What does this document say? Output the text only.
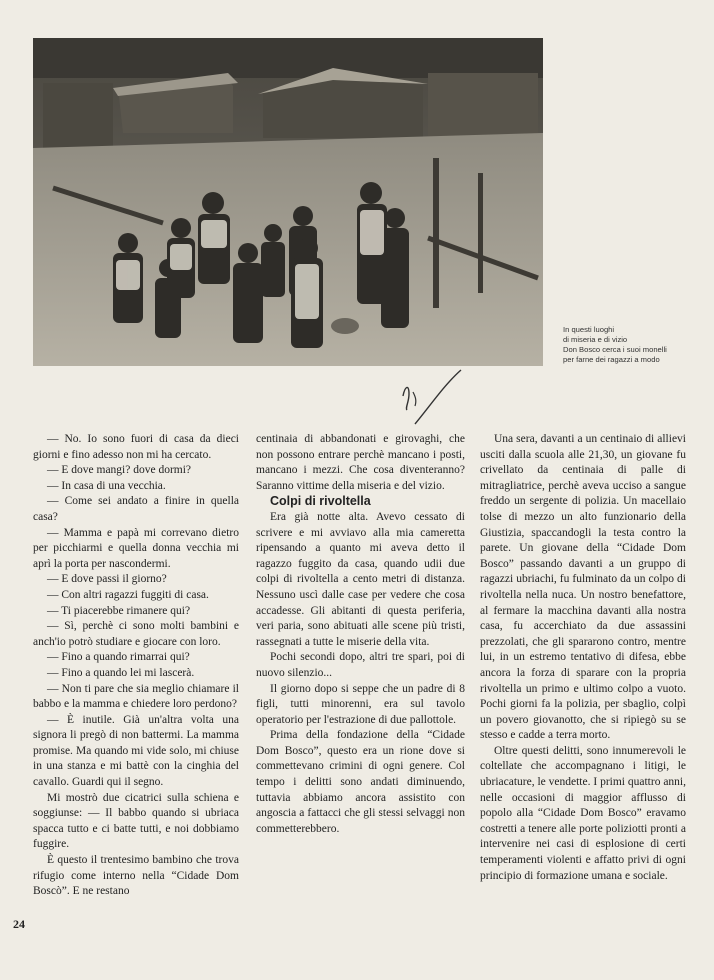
In questi luoghi
di miseria e di vizio
Don Bosco cerca i suoi monelli
per farne dei ragazzi a modo

— No. Io sono fuori di casa da dieci giorni e fino adesso non mi ha cercato.

— E dove mangi? dove dormi?

— In casa di una vecchia.

— Come sei andato a finire in quella casa?

— Mamma e papà mi correvano dietro per picchiarmi e quella donna vecchia mi aprì la porta per nascondermi.

— E dove passi il giorno?

— Con altri ragazzi fuggiti di casa.

— Ti piacerebbe rimanere qui?

— Sì, perchè ci sono molti bambini e anch'io potrò studiare e giocare con loro.

— Fino a quando rimarrai qui?

— Fino a quando lei mi lascerà.

— Non ti pare che sia meglio chiamare il babbo e la mamma e chiedere loro perdono?

— È inutile. Già un'altra volta una signora li pregò di non battermi. La mamma promise. Ma quando mi vide solo, mi chiuse in una stanza e mi battè con la cinghia del cavallo. Guardi qui il segno.

Mi mostrò due cicatrici sulla schiena e soggiunse: — Il babbo quando si ubriaca spacca tutto e ci batte tutti, e noi dobbiamo fuggire.

È questo il trentesimo bambino che trova rifugio come interno nella “Cidade Dom Boscò”. E ne restano

centinaia di abbandonati e girovaghi, che non possono entrare perchè mancano i posti, mancano i mezzi. Che cosa diventeranno? Saranno vittime della miseria e del vizio.

Colpi di rivoltella

Era già notte alta. Avevo cessato di scrivere e mi avviavo alla mia cameretta ripensando a quanto mi aveva detto il ragazzo fuggito da casa, quando udii due colpi di rivoltella a cento metri di distanza. Nessuno uscì dalle case per vedere che cosa accadesse. Gli abitanti di questa periferia, veri paria, sono abituati alle scene più tristi, rassegnati a tutte le miserie della vita.

Pochi secondi dopo, altri tre spari, poi di nuovo silenzio...

Il giorno dopo si seppe che un padre di 8 figli, tutti minorenni, era sul tavolo operatorio per l'estrazione di due pallottole.

Prima della fondazione della “Cidade Dom Bosco”, questo era un rione dove si commettevano crimini di ogni genere. Col tempo i delitti sono andati diminuendo, tuttavia abbiamo ancora assistito con angoscia a fattacci che gli stessi selvaggi non commetterebbero.

Una sera, davanti a un centinaio di allievi usciti dalla scuola alle 21,30, un giovane fu crivellato da centinaia di palle di mitragliatrice, perchè aveva ucciso a sangue freddo un sergente di polizia. Un macellaio tolse di mezzo un alto funzionario della Giustizia, spaccandogli la testa contro la parete. Un giovane della “Cidade Dom Bosco” passando davanti a un gruppo di ragazzi ubriachi, fu fulminato da un colpo di rivoltella nella nuca. Un nostro benefattore, al fermare la macchina davanti alla nostra casa, fu accerchiato da due assassini prezzolati, che gli spararono contro, mentre lui, in un estremo tentativo di difesa, ebbe ancora la forza di sparare con la propria rivoltella un primo e ultimo colpo a vuoto. Pochi giorni fa la polizia, per sbaglio, colpì un povero giovanotto, che si ripiegò su se stesso e cadde a terra morto.

Oltre questi delitti, sono innumerevoli le coltellate che accompagnano i litigi, le ubriacature, le vendette. I primi quattro anni, nelle occasioni di maggior afflusso di popolo alla “Cidade Dom Bosco” eravamo costretti a tenere alle porte poliziotti pronti a intervenire nei casi di esplosione di certi temperamenti violenti e affatto privi di ogni principio di formazione umana e sociale.

24
